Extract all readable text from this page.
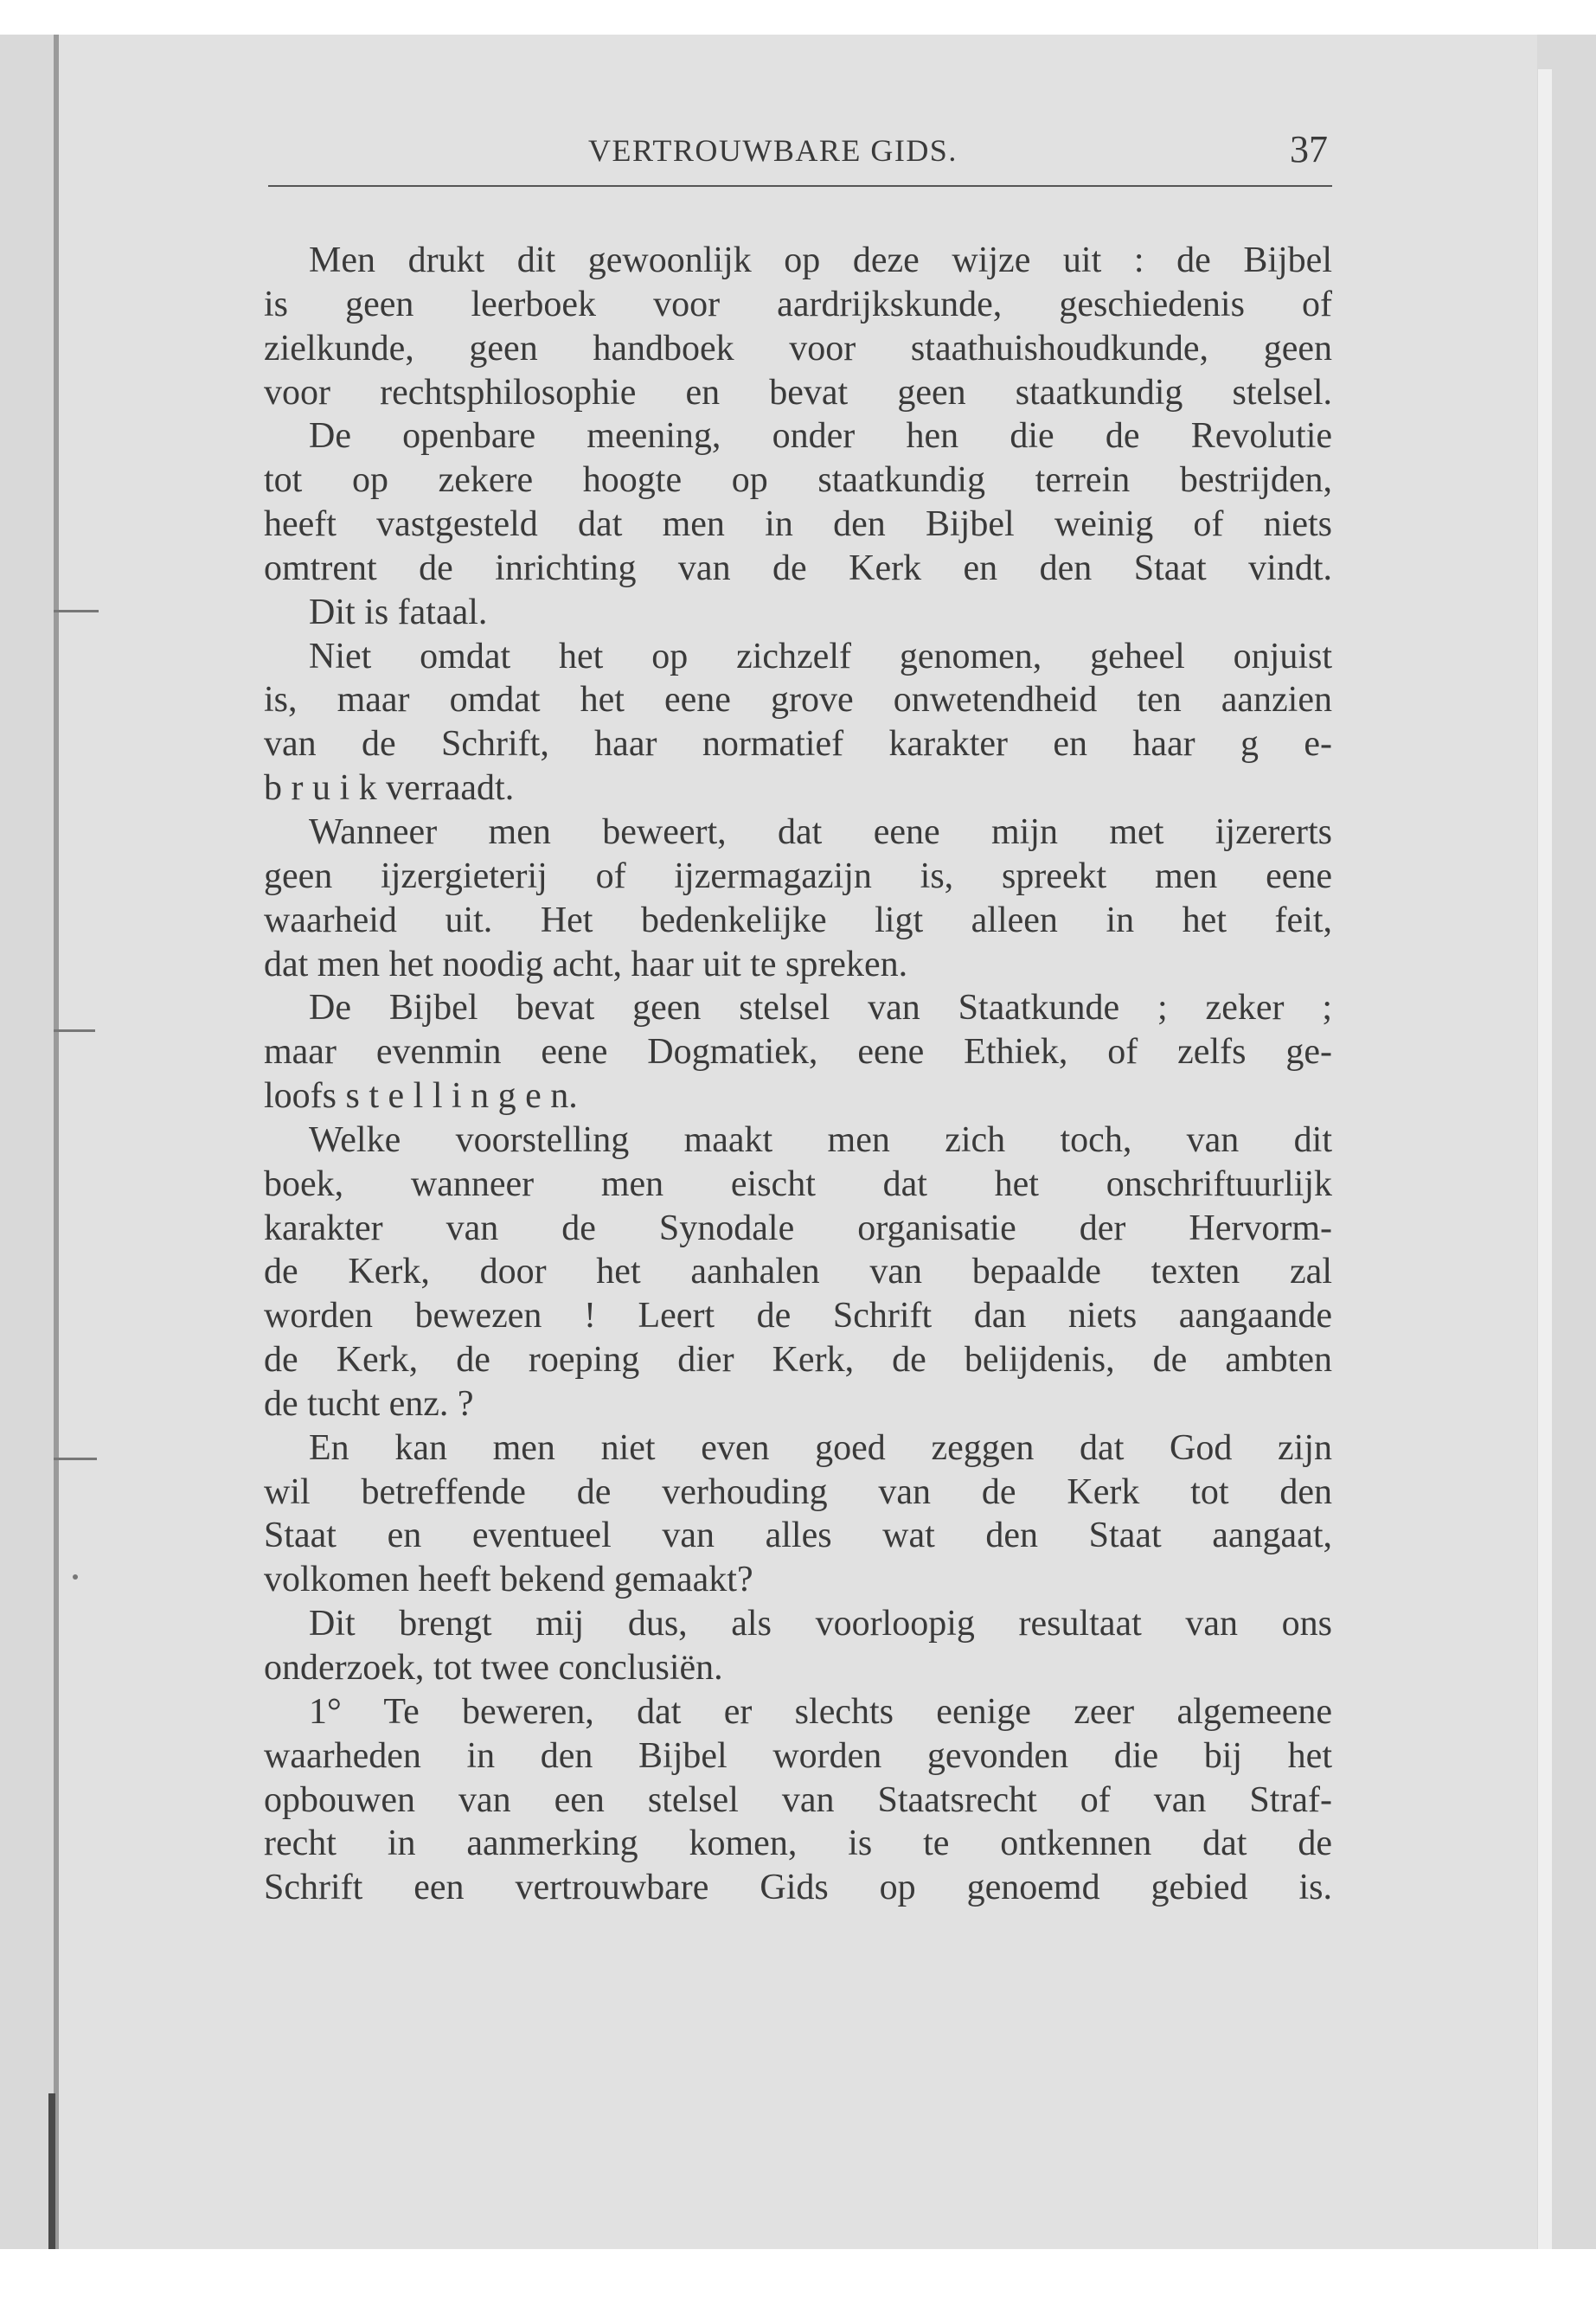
VERTROUWBARE GIDS.	37
Men drukt dit gewoonlijk op deze wijze uit : de Bijbel
is geen leerboek voor aardrijkskunde, geschiedenis of
zielkunde, geen handboek voor staathuishoudkunde, geen
voor rechtsphilosophie en bevat geen staatkundig stelsel.
De openbare meening, onder hen die de Revolutie
tot op zekere hoogte op staatkundig terrein bestrijden,
heeft vastgesteld dat men in den Bijbel weinig of niets
omtrent de inrichting van de Kerk en den Staat vindt.
Dit is fataal.
Niet omdat het op zichzelf genomen, geheel onjuist
is, maar omdat het eene grove onwetendheid ten aanzien
van de Schrift, haar normatief karakter en haar g e-
b r u i k verraadt.
Wanneer men beweert, dat eene mijn met ijzererts
geen ijzergieterij of ijzermagazijn is, spreekt men eene
waarheid uit. Het bedenkelijke ligt alleen in het feit,
dat men het noodig acht, haar uit te spreken.
De Bijbel bevat geen stelsel van Staatkunde ; zeker ;
maar evenmin eene Dogmatiek, eene Ethiek, of zelfs ge-
loofs s t e l l i n g e n.
Welke voorstelling maakt men zich toch, van dit
boek, wanneer men eischt dat het onschriftuurlijk
karakter van de Synodale organisatie der Hervorm-
de Kerk, door het aanhalen van bepaalde texten zal
worden bewezen ! Leert de Schrift dan niets aangaande
de Kerk, de roeping dier Kerk, de belijdenis, de ambten
de tucht enz. ?
En kan men niet even goed zeggen dat God zijn
wil betreffende de verhouding van de Kerk tot den
Staat en eventueel van alles wat den Staat aangaat,
volkomen heeft bekend gemaakt?
Dit brengt mij dus, als voorloopig resultaat van ons
onderzoek, tot twee conclusiën.
1° Te beweren, dat er slechts eenige zeer algemeene
waarheden in den Bijbel worden gevonden die bij het
opbouwen van een stelsel van Staatsrecht of van Straf-
recht in aanmerking komen, is te ontkennen dat de
Schrift een vertrouwbare Gids op genoemd gebied is.
